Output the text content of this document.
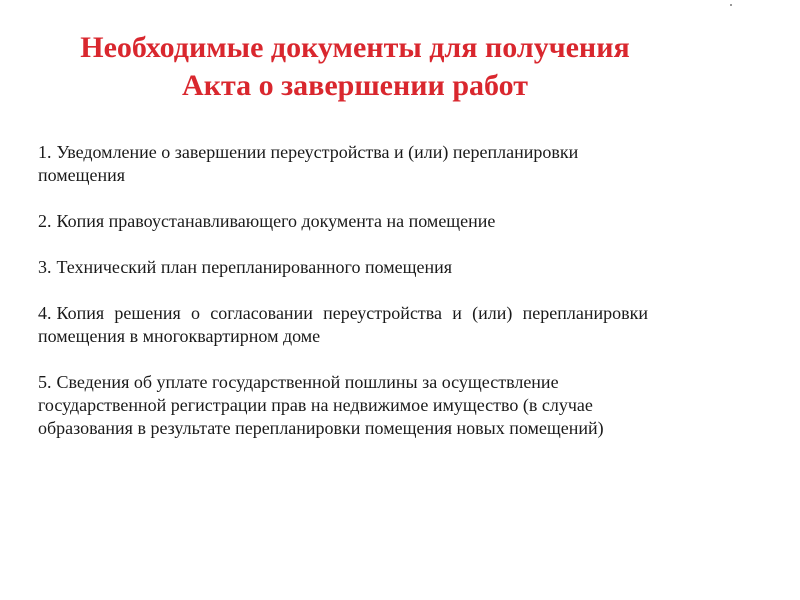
Необходимые документы для получения
Акта о завершении работ
1. Уведомление о завершении переустройства и (или) перепланировки помещения
2. Копия правоустанавливающего документа на помещение
3. Технический план перепланированного помещения
4. Копия решения о согласовании переустройства и (или) перепланировки помещения в многоквартирном доме
5. Сведения об уплате государственной пошлины за осуществление государственной регистрации прав на недвижимое имущество (в случае образования в результате перепланировки помещения новых помещений)
